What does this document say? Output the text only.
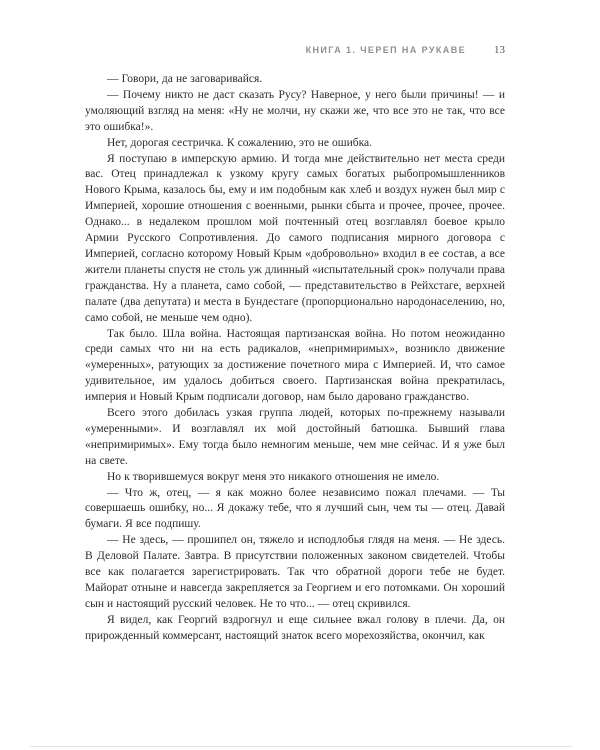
КНИГА 1. ЧЕРЕП НА РУКАВЕ	13

— Говори, да не заговаривайся.

— Почему никто не даст сказать Русу? Наверное, у него были причины! — и умоляющий взгляд на меня: «Ну не молчи, ну скажи же, что все это не так, что все это ошибка!».

Нет, дорогая сестричка. К сожалению, это не ошибка.

Я поступаю в имперскую армию. И тогда мне действительно нет места среди вас. Отец принадлежал к узкому кругу самых богатых рыбопромышленников Нового Крыма, казалось бы, ему и им подобным как хлеб и воздух нужен был мир с Империей, хорошие отношения с военными, рынки сбыта и прочее, прочее, прочее. Однако... в недалеком прошлом мой почтенный отец возглавлял боевое крыло Армии Русского Сопротивления. До самого подписания мирного договора с Империей, согласно которому Новый Крым «добровольно» входил в ее состав, а все жители планеты спустя не столь уж длинный «испытательный срок» получали права гражданства. Ну а планета, само собой, — представительство в Рейхстаге, верхней палате (два депутата) и места в Бундестаге (пропорционально народонаселению, но, само собой, не меньше чем одно).

Так было. Шла война. Настоящая партизанская война. Но потом неожиданно среди самых что ни на есть радикалов, «непримиримых», возникло движение «умеренных», ратующих за достижение почетного мира с Империей. И, что самое удивительное, им удалось добиться своего. Партизанская война прекратилась, империя и Новый Крым подписали договор, нам было даровано гражданство.

Всего этого добилась узкая группа людей, которых по-прежнему называли «умеренными». И возглавлял их мой достойный батюшка. Бывший глава «непримиримых». Ему тогда было немногим меньше, чем мне сейчас. И я уже был на свете.

Но к творившемуся вокруг меня это никакого отношения не имело.

— Что ж, отец, — я как можно более независимо пожал плечами. — Ты совершаешь ошибку, но... Я докажу тебе, что я лучший сын, чем ты — отец. Давай бумаги. Я все подпишу.

— Не здесь, — прошипел он, тяжело и исподлобья глядя на меня. — Не здесь. В Деловой Палате. Завтра. В присутствии положенных законом свидетелей. Чтобы все как полагается зарегистрировать. Так что обратной дороги тебе не будет. Майорат отныне и навсегда закрепляется за Георгием и его потомками. Он хороший сын и настоящий русский человек. Не то что... — отец скривился.

Я видел, как Георгий вздрогнул и еще сильнее вжал голову в плечи. Да, он прирожденный коммерсант, настоящий знаток всего морехозяйства, окончил, как
